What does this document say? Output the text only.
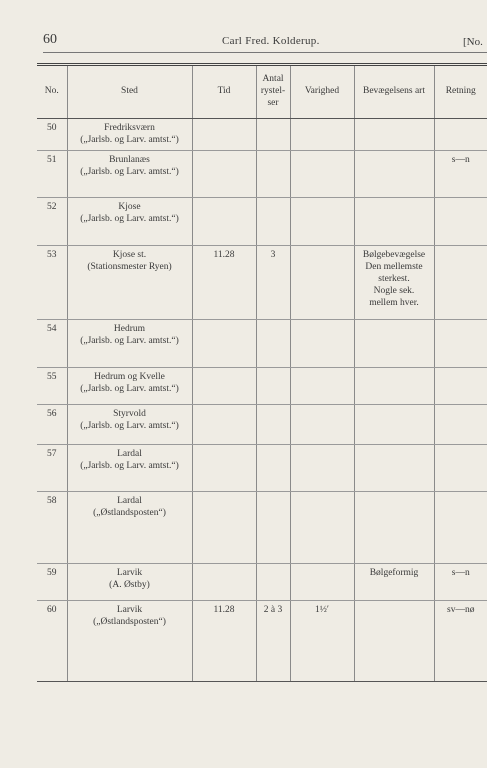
60	Carl Fred. Kolderup.	[No.
No.	Sted	Tid	Antal rystel-ser	Varighed	Bevægelsens art	Retning
50	Fredriksværn
(„Jarlsb. og Larv. amtst.“)					

51	Brunlanæs
(„Jarlsb. og Larv. amtst.“)					s—n
52	Kjose
(„Jarlsb. og Larv. amtst.“)					

53	Kjose st.
(Stationsmester Ryen)	11.28	3		Bølgebevægelse
Den mellemste
sterkest.
Nogle sek.
mellem hver.	

54	Hedrum
(„Jarlsb. og Larv. amtst.“)					

55	Hedrum og Kvelle
(„Jarlsb. og Larv. amtst.“)					

56	Styrvold
(„Jarlsb. og Larv. amtst.“)					

57	Lardal
(„Jarlsb. og Larv. amtst.“)					

58	Lardal
(„Østlandsposten“)					

59	Larvik
(A. Østby)				Bølgeformig	s—n
60	Larvik
(„Østlandsposten“)	11.28	2 à 3	1½′		sv—nø
